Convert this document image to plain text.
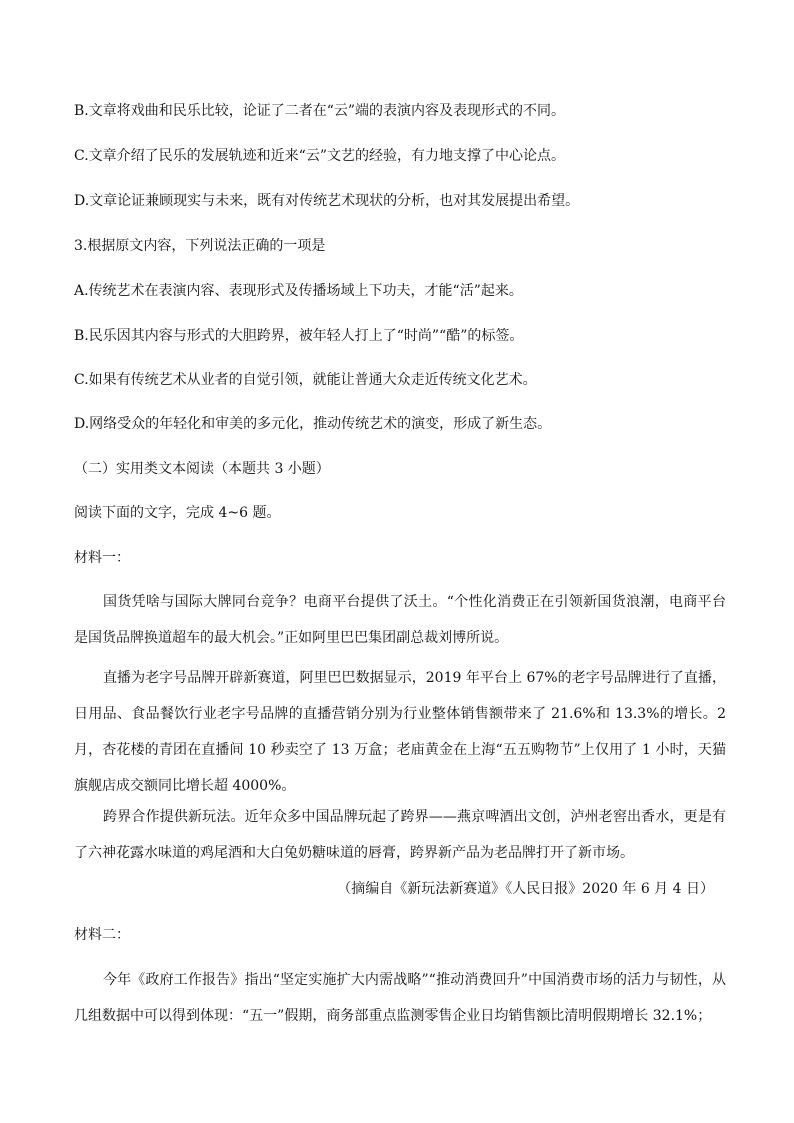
B.文章将戏曲和民乐比较，论证了二者在“云”端的表演内容及表现形式的不同。
C.文章介绍了民乐的发展轨迹和近来“云”文艺的经验，有力地支撑了中心论点。
D.文章论证兼顾现实与未来，既有对传统艺术现状的分析，也对其发展提出希望。
3.根据原文内容，下列说法正确的一项是
A.传统艺术在表演内容、表现形式及传播场域上下功夫，才能“活”起来。
B.民乐因其内容与形式的大胆跨界，被年轻人打上了“时尚”“酷”的标签。
C.如果有传统艺术从业者的自觉引领，就能让普通大众走近传统文化艺术。
D.网络受众的年轻化和审美的多元化，推动传统艺术的演变，形成了新生态。
（二）实用类文本阅读（本题共 3 小题）
阅读下面的文字，完成 4~6 题。
材料一：
国货凭啥与国际大牌同台竞争？电商平台提供了沃土。“个性化消费正在引领新国货浪潮，电商平台是国货品牌换道超车的最大机会。”正如阿里巴巴集团副总裁刘博所说。
直播为老字号品牌开辟新赛道，阿里巴巴数据显示，2019 年平台上 67%的老字号品牌进行了直播，日用品、食品餐饮行业老字号品牌的直播营销分别为行业整体销售额带来了 21.6%和 13.3%的增长。2 月，杏花楼的青团在直播间 10 秒卖空了 13 万盒；老庙黄金在上海“五五购物节”上仅用了 1 小时，天猫旗舰店成交额同比增长超 4000%。
跨界合作提供新玩法。近年众多中国品牌玩起了跨界——燕京啤酒出文创，泸州老窖出香水，更是有了六神花露水味道的鸡尾酒和大白兔奶糖味道的唇膏，跨界新产品为老品牌打开了新市场。
（摘编自《新玩法新赛道》《人民日报》2020 年 6 月 4 日）
材料二：
今年《政府工作报告》指出“坚定实施扩大内需战略”“推动消费回升”中国消费市场的活力与韧性，从几组数据中可以得到体现：“五一”假期，商务部重点监测零售企业日均销售额比清明假期增长 32.1%；
